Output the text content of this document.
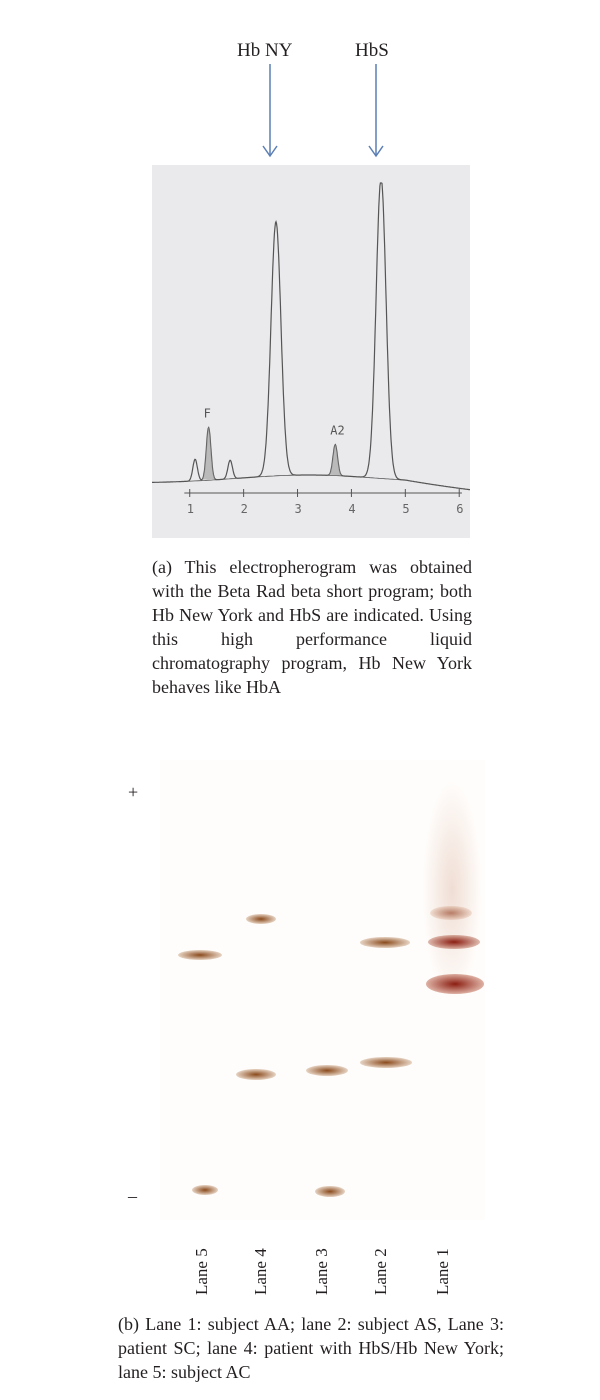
Hb NY	HbS
1	2	3	4	5	6
F
A2
(a) This electropherogram was obtained with the Beta Rad beta short program; both Hb New York and HbS are indicated. Using this high performance liquid chromatography program, Hb New York behaves like HbA
+
–
Lane 5 Lane 4 Lane 3 Lane 2	Lane 1
(b) Lane 1: subject AA; lane 2: subject AS, Lane 3: patient SC; lane 4: patient with HbS/Hb New York; lane 5: subject AC
